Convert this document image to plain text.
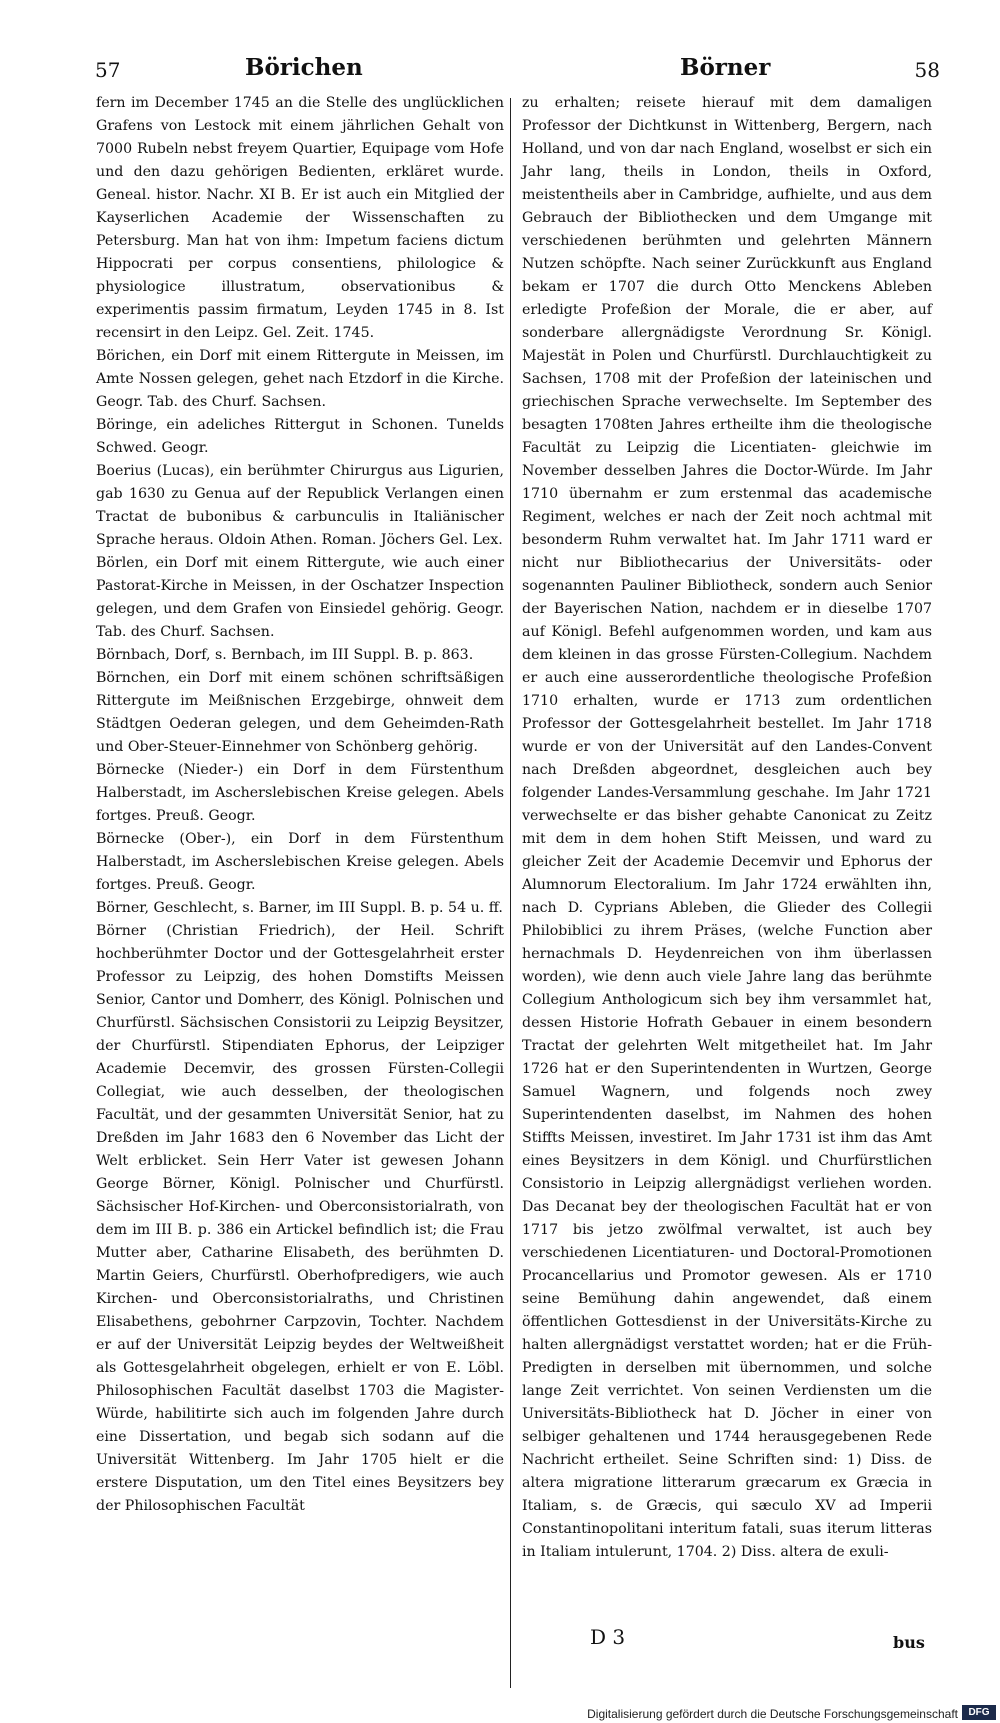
57	Börichen	Börner	58

fern im December 1745 an die Stelle des unglücklichen Grafens von Lestock mit einem jährlichen Gehalt von 7000 Rubeln nebst freyem Quartier, Equipage vom Hofe und den dazu gehörigen Bedienten, erkläret wurde. Geneal. histor. Nachr. XI B. Er ist auch ein Mitglied der Kayserlichen Academie der Wissenschaften zu Petersburg. Man hat von ihm: Impetum faciens dictum Hippocrati per corpus consentiens, philologice & physiologice illustratum, observationibus & experimentis passim firmatum, Leyden 1745 in 8. Ist recensirt in den Leipz. Gel. Zeit. 1745.

Börichen, ein Dorf mit einem Rittergute in Meissen, im Amte Nossen gelegen, gehet nach Etzdorf in die Kirche. Geogr. Tab. des Churf. Sachsen.

Böringe, ein adeliches Rittergut in Schonen. Tunelds Schwed. Geogr.

Boerius (Lucas), ein berühmter Chirurgus aus Ligurien, gab 1630 zu Genua auf der Republick Verlangen einen Tractat de bubonibus & carbunculis in Italiänischer Sprache heraus. Oldoin Athen. Roman. Jöchers Gel. Lex.

Börlen, ein Dorf mit einem Rittergute, wie auch einer Pastorat-Kirche in Meissen, in der Oschatzer Inspection gelegen, und dem Grafen von Einsiedel gehörig. Geogr. Tab. des Churf. Sachsen.

Börnbach, Dorf, s. Bernbach, im III Suppl. B. p. 863.

Börnchen, ein Dorf mit einem schönen schriftsäßigen Rittergute im Meißnischen Erzgebirge, ohnweit dem Städtgen Oederan gelegen, und dem Geheimden-Rath und Ober-Steuer-Einnehmer von Schönberg gehörig.

Börnecke (Nieder-) ein Dorf in dem Fürstenthum Halberstadt, im Ascherslebischen Kreise gelegen. Abels fortges. Preuß. Geogr.

Börnecke (Ober-), ein Dorf in dem Fürstenthum Halberstadt, im Ascherslebischen Kreise gelegen. Abels fortges. Preuß. Geogr.

Börner, Geschlecht, s. Barner, im III Suppl. B. p. 54 u. ff.

Börner (Christian Friedrich), der Heil. Schrift hochberühmter Doctor und der Gottesgelahrheit erster Professor zu Leipzig, des hohen Domstifts Meissen Senior, Cantor und Domherr, des Königl. Polnischen und Churfürstl. Sächsischen Consistorii zu Leipzig Beysitzer, der Churfürstl. Stipendiaten Ephorus, der Leipziger Academie Decemvir, des grossen Fürsten-Collegii Collegiat, wie auch desselben, der theologischen Facultät, und der gesammten Universität Senior, hat zu Dreßden im Jahr 1683 den 6 November das Licht der Welt erblicket. Sein Herr Vater ist gewesen Johann George Börner, Königl. Polnischer und Churfürstl. Sächsischer Hof-Kirchen- und Oberconsistorialrath, von dem im III B. p. 386 ein Artickel befindlich ist; die Frau Mutter aber, Catharine Elisabeth, des berühmten D. Martin Geiers, Churfürstl. Oberhofpredigers, wie auch Kirchen- und Oberconsistorialraths, und Christinen Elisabethens, gebohrner Carpzovin, Tochter. Nachdem er auf der Universität Leipzig beydes der Weltweißheit als Gottesgelahrheit obgelegen, erhielt er von E. Löbl. Philosophischen Facultät daselbst 1703 die Magister-Würde, habilitirte sich auch im folgenden Jahre durch eine Dissertation, und begab sich sodann auf die Universität Wittenberg. Im Jahr 1705 hielt er die erstere Disputation, um den Titel eines Beysitzers bey der Philosophischen Facultät

zu erhalten; reisete hierauf mit dem damaligen Professor der Dichtkunst in Wittenberg, Bergern, nach Holland, und von dar nach England, woselbst er sich ein Jahr lang, theils in London, theils in Oxford, meistentheils aber in Cambridge, aufhielte, und aus dem Gebrauch der Bibliothecken und dem Umgange mit verschiedenen berühmten und gelehrten Männern Nutzen schöpfte. Nach seiner Zurückkunft aus England bekam er 1707 die durch Otto Menckens Ableben erledigte Profeßion der Morale, die er aber, auf sonderbare allergnädigste Verordnung Sr. Königl. Majestät in Polen und Churfürstl. Durchlauchtigkeit zu Sachsen, 1708 mit der Profeßion der lateinischen und griechischen Sprache verwechselte. Im September des besagten 1708ten Jahres ertheilte ihm die theologische Facultät zu Leipzig die Licentiaten- gleichwie im November desselben Jahres die Doctor-Würde. Im Jahr 1710 übernahm er zum erstenmal das academische Regiment, welches er nach der Zeit noch achtmal mit besonderm Ruhm verwaltet hat. Im Jahr 1711 ward er nicht nur Bibliothecarius der Universitäts- oder sogenannten Pauliner Bibliotheck, sondern auch Senior der Bayerischen Nation, nachdem er in dieselbe 1707 auf Königl. Befehl aufgenommen worden, und kam aus dem kleinen in das grosse Fürsten-Collegium. Nachdem er auch eine ausserordentliche theologische Profeßion 1710 erhalten, wurde er 1713 zum ordentlichen Professor der Gottesgelahrheit bestellet. Im Jahr 1718 wurde er von der Universität auf den Landes-Convent nach Dreßden abgeordnet, desgleichen auch bey folgender Landes-Versammlung geschahe. Im Jahr 1721 verwechselte er das bisher gehabte Canonicat zu Zeitz mit dem in dem hohen Stift Meissen, und ward zu gleicher Zeit der Academie Decemvir und Ephorus der Alumnorum Electoralium. Im Jahr 1724 erwählten ihn, nach D. Cyprians Ableben, die Glieder des Collegii Philobiblici zu ihrem Präses, (welche Function aber hernachmals D. Heydenreichen von ihm überlassen worden), wie denn auch viele Jahre lang das berühmte Collegium Anthologicum sich bey ihm versammlet hat, dessen Historie Hofrath Gebauer in einem besondern Tractat der gelehrten Welt mitgetheilet hat. Im Jahr 1726 hat er den Superintendenten in Wurtzen, George Samuel Wagnern, und folgends noch zwey Superintendenten daselbst, im Nahmen des hohen Stiffts Meissen, investiret. Im Jahr 1731 ist ihm das Amt eines Beysitzers in dem Königl. und Churfürstlichen Consistorio in Leipzig allergnädigst verliehen worden. Das Decanat bey der theologischen Facultät hat er von 1717 bis jetzo zwölfmal verwaltet, ist auch bey verschiedenen Licentiaturen- und Doctoral-Promotionen Procancellarius und Promotor gewesen. Als er 1710 seine Bemühung dahin angewendet, daß einem öffentlichen Gottesdienst in der Universitäts-Kirche zu halten allergnädigst verstattet worden; hat er die Früh-Predigten in derselben mit übernommen, und solche lange Zeit verrichtet. Von seinen Verdiensten um die Universitäts-Bibliotheck hat D. Jöcher in einer von selbiger gehaltenen und 1744 herausgegebenen Rede Nachricht ertheilet. Seine Schriften sind: 1) Diss. de altera migratione litterarum græcarum ex Græcia in Italiam, s. de Græcis, qui sæculo XV ad Imperii Constantinopolitani interitum fatali, suas iterum litteras in Italiam intulerunt, 1704. 2) Diss. altera de exuli-

D 3	bus
Digitalisierung gefördert durch die Deutsche Forschungsgemeinschaft	DFG
